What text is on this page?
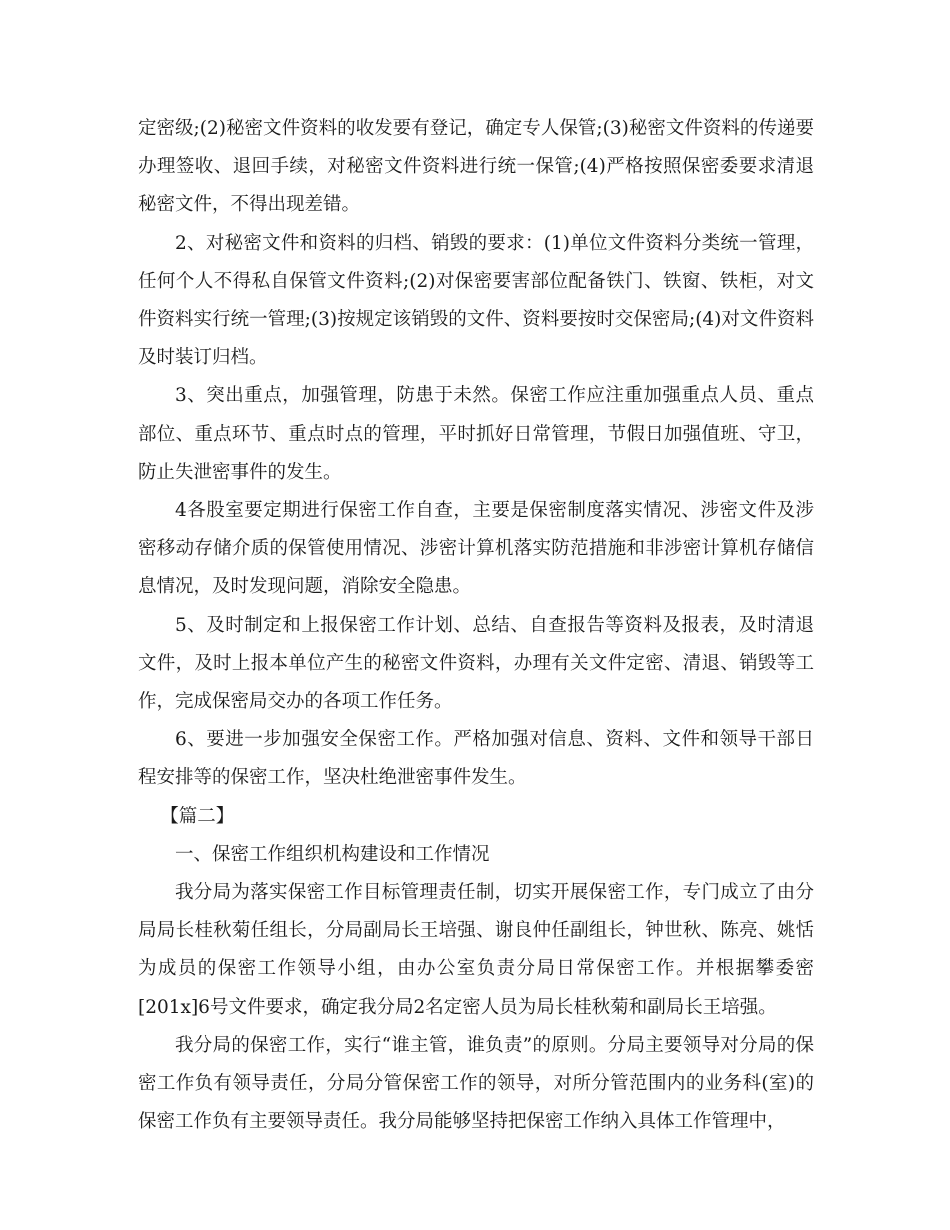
定密级;(2)秘密文件资料的收发要有登记，确定专人保管;(3)秘密文件资料的传递要办理签收、退回手续，对秘密文件资料进行统一保管;(4)严格按照保密委要求清退秘密文件，不得出现差错。

2、对秘密文件和资料的归档、销毁的要求：(1)单位文件资料分类统一管理，任何个人不得私自保管文件资料;(2)对保密要害部位配备铁门、铁窗、铁柜，对文件资料实行统一管理;(3)按规定该销毁的文件、资料要按时交保密局;(4)对文件资料及时装订归档。

3、突出重点，加强管理，防患于未然。保密工作应注重加强重点人员、重点部位、重点环节、重点时点的管理，平时抓好日常管理，节假日加强值班、守卫，防止失泄密事件的发生。

4各股室要定期进行保密工作自查，主要是保密制度落实情况、涉密文件及涉密移动存储介质的保管使用情况、涉密计算机落实防范措施和非涉密计算机存储信息情况，及时发现问题，消除安全隐患。

5、及时制定和上报保密工作计划、总结、自查报告等资料及报表，及时清退文件，及时上报本单位产生的秘密文件资料，办理有关文件定密、清退、销毁等工作，完成保密局交办的各项工作任务。

6、要进一步加强安全保密工作。严格加强对信息、资料、文件和领导干部日程安排等的保密工作，坚决杜绝泄密事件发生。

【篇二】

一、保密工作组织机构建设和工作情况

我分局为落实保密工作目标管理责任制，切实开展保密工作，专门成立了由分局局长桂秋菊任组长，分局副局长王培强、谢良仲任副组长，钟世秋、陈亮、姚恬为成员的保密工作领导小组，由办公室负责分局日常保密工作。并根据攀委密[201x]6号文件要求，确定我分局2名定密人员为局长桂秋菊和副局长王培强。

我分局的保密工作，实行“谁主管，谁负责”的原则。分局主要领导对分局的保密工作负有领导责任，分局分管保密工作的领导，对所分管范围内的业务科(室)的保密工作负有主要领导责任。我分局能够坚持把保密工作纳入具体工作管理中，
